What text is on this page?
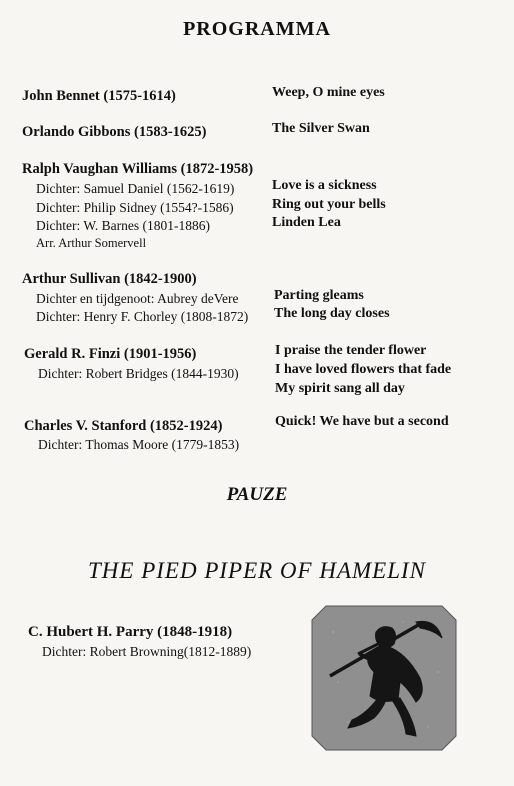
PROGRAMMA
John Bennet (1575-1614)	Weep, O mine eyes
Orlando Gibbons (1583-1625)	The Silver Swan
Ralph Vaughan Williams (1872-1958)
Dichter: Samuel Daniel (1562-1619)
Dichter: Philip Sidney (1554?-1586)
Dichter: W. Barnes (1801-1886)
Arr. Arthur Somervell
Love is a sickness
Ring out your bells
Linden Lea
Arthur Sullivan (1842-1900)
Dichter en tijdgenoot: Aubrey deVere
Dichter: Henry F. Chorley (1808-1872)
Parting gleams
The long day closes
Gerald R. Finzi (1901-1956)
Dichter: Robert Bridges (1844-1930)
I praise the tender flower
I have loved flowers that fade
My spirit sang all day
Charles V. Stanford (1852-1924)
Dichter: Thomas Moore (1779-1853)
Quick! We have but a second
PAUZE
THE PIED PIPER OF HAMELIN
C. Hubert H. Parry (1848-1918)
Dichter: Robert Browning(1812-1889)
